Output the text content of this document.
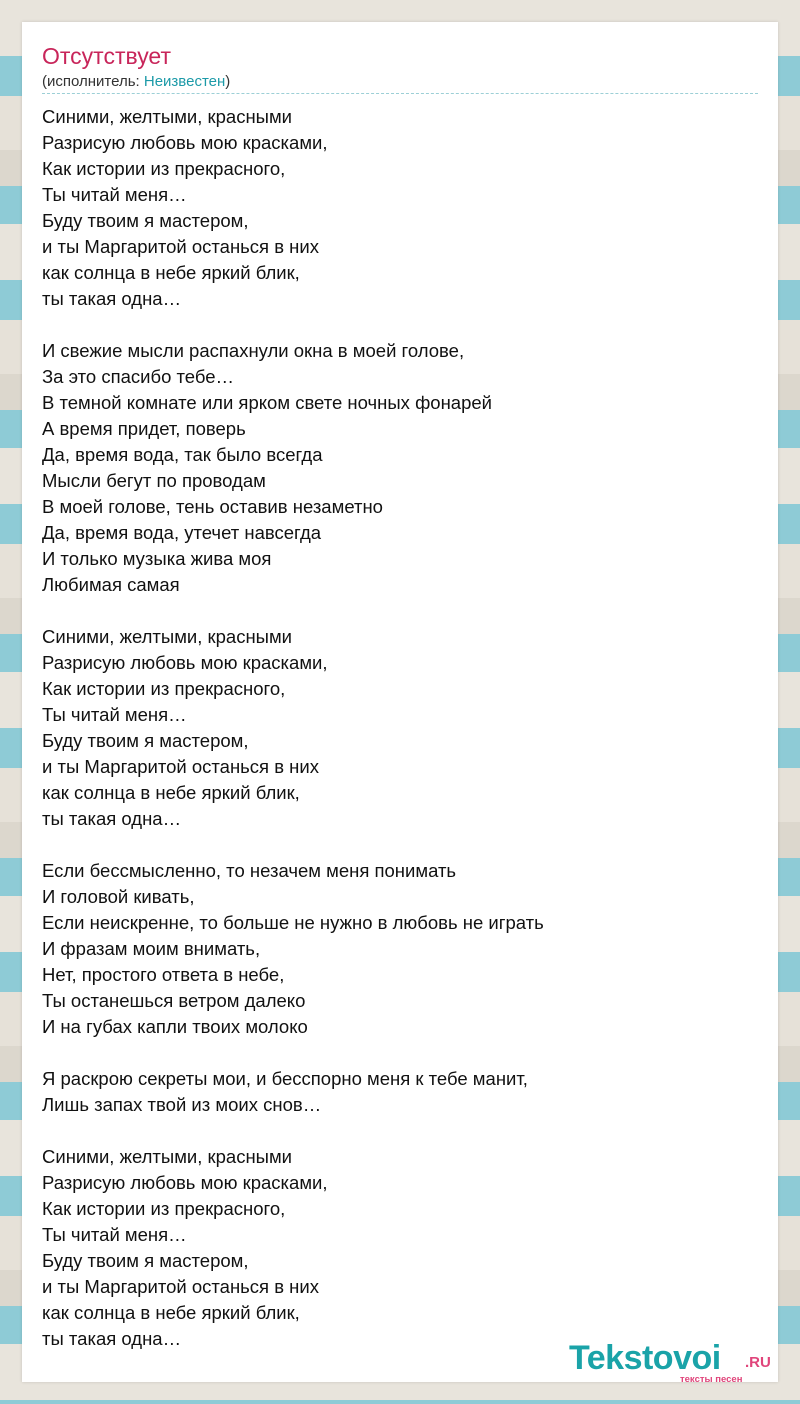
Отсутствует
(исполнитель: Неизвестен)
Синими, желтыми, красными
Разрисую любовь мою красками,
Как истории из прекрасного,
Ты читай меня…
Буду твоим я мастером,
и ты Маргаритой останься в них
как солнца в небе яркий блик,
ты такая одна…
И свежие мысли распахнули окна в моей голове,
За это спасибо тебе…
В темной комнате или ярком свете ночных фонарей
А время придет, поверь
Да, время вода, так было всегда
Мысли бегут по проводам
В моей голове, тень оставив незаметно
Да, время вода, утечет навсегда
И только музыка жива моя
Любимая самая
Синими, желтыми, красными
Разрисую любовь мою красками,
Как истории из прекрасного,
Ты читай меня…
Буду твоим я мастером,
и ты Маргаритой останься в них
как солнца в небе яркий блик,
ты такая одна…
Если бессмысленно, то незачем меня понимать
И головой кивать,
Если неискренне, то больше не нужно в любовь не играть
И фразам моим внимать,
Нет, простого ответа в небе,
Ты останешься ветром далеко
И на губах капли твоих молоко
Я раскрою секреты мои, и бесспорно меня к тебе манит,
Лишь запах твой из моих снов…
Синими, желтыми, красными
Разрисую любовь мою красками,
Как истории из прекрасного,
Ты читай меня…
Буду твоим я мастером,
и ты Маргаритой останься в них
как солнца в небе яркий блик,
ты такая одна…
Tekstovoi .RU
тексты песен
